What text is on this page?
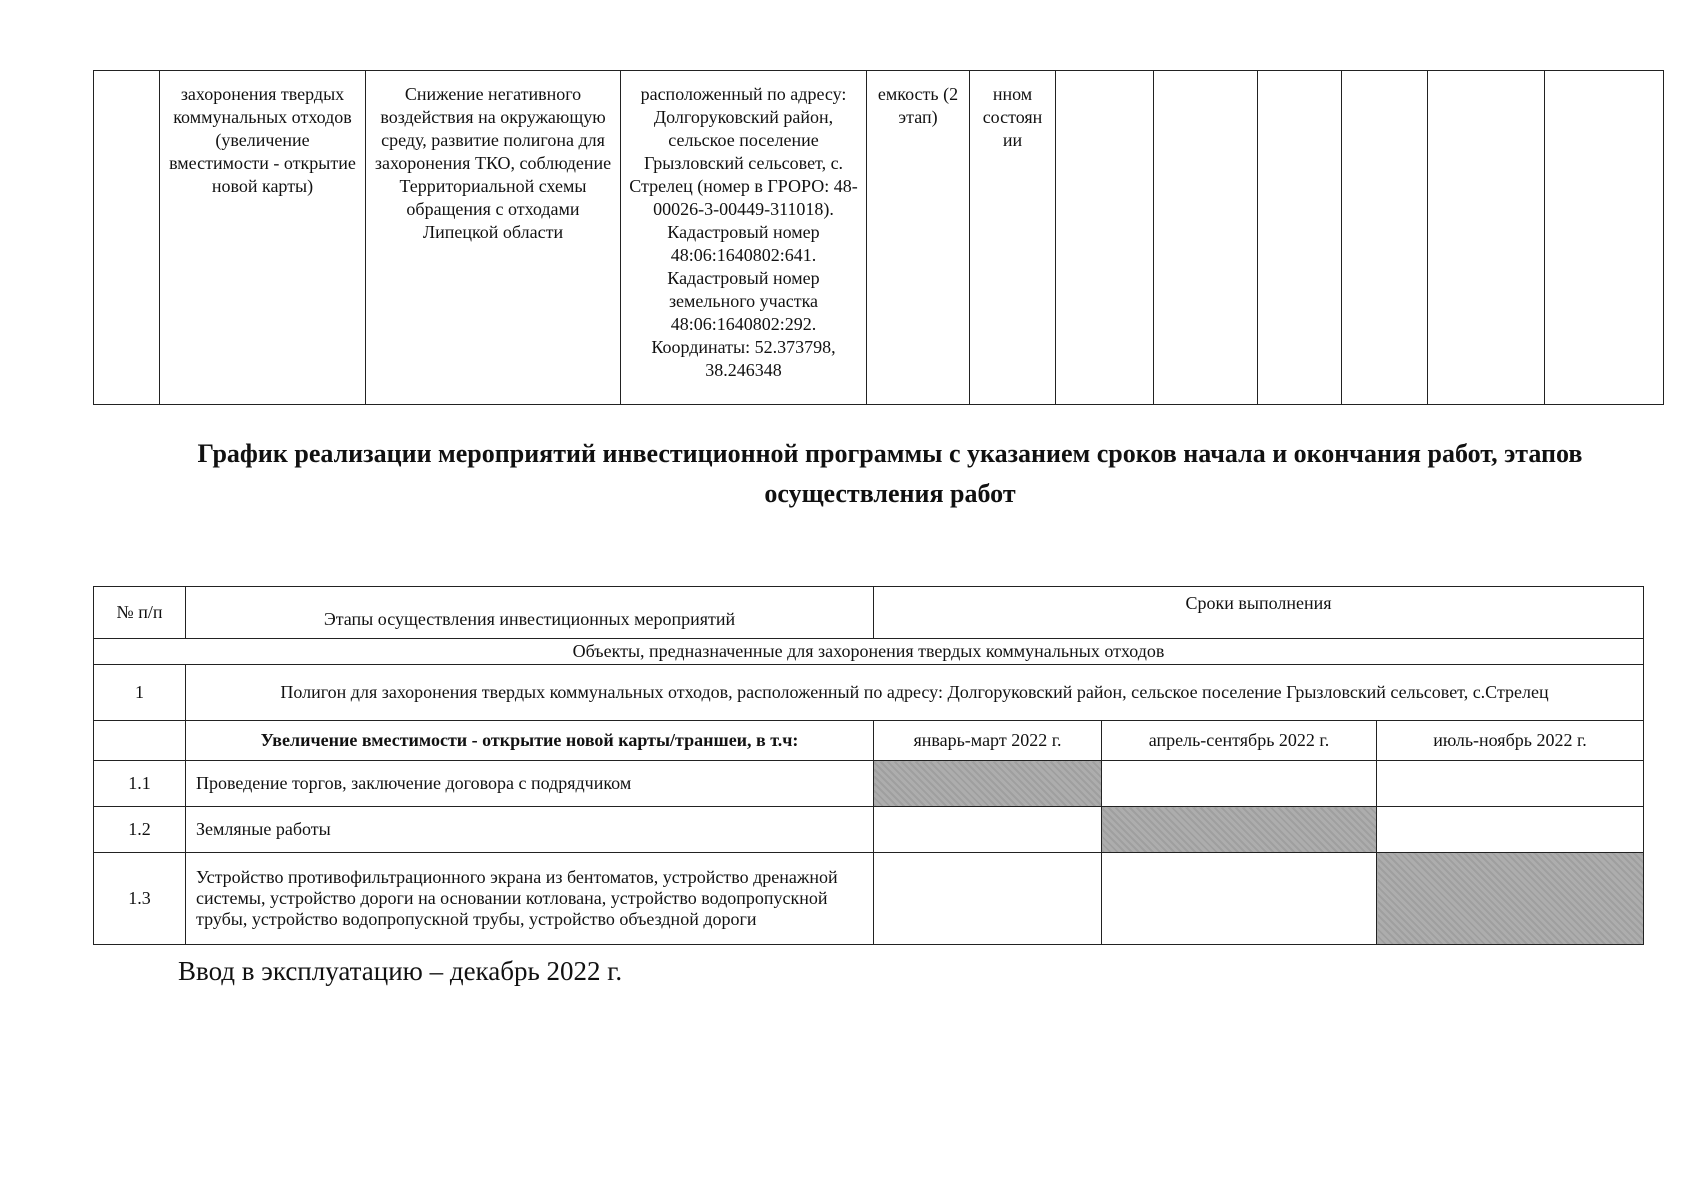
	захоронения твердых коммунальных отходов (увеличение вместимости - открытие новой карты)	Снижение негативного воздействия на окружающую среду, развитие полигона для захоронения ТКО, соблюдение Территориальной схемы обращения с отходами Липецкой области	расположенный по адресу: Долгоруковский район, сельское поселение Грызловский сельсовет, с. Стрелец (номер в ГРОРО: 48-00026-3-00449-311018). Кадастровый номер 48:06:1640802:641. Кадастровый номер земельного участка 48:06:1640802:292. Координаты: 52.373798, 38.246348	емкость (2 этап)	нном состоян ии						
График реализации мероприятий инвестиционной программы с указанием сроков начала и окончания работ, этапов осуществления работ
№ п/п	Этапы осуществления инвестиционных мероприятий	Сроки выполнения		
Объекты, предназначенные для захоронения твердых коммунальных отходов				
1	Полигон для захоронения твердых коммунальных отходов, расположенный по адресу: Долгоруковский район, сельское поселение Грызловский сельсовет, с.Стрелец			
	Увеличение вместимости - открытие новой карты/траншеи, в т.ч:	январь-март 2022 г.	апрель-сентябрь 2022 г.	июль-ноябрь 2022 г.
1.1	Проведение торгов, заключение договора с подрядчиком			
1.2	Земляные работы			
1.3	Устройство противофильтрационного экрана из бентоматов, устройство дренажной системы, устройство дороги на основании котлована, устройство водопропускной трубы, устройство водопропускной трубы, устройство объездной дороги			
Ввод в эксплуатацию – декабрь 2022 г.
